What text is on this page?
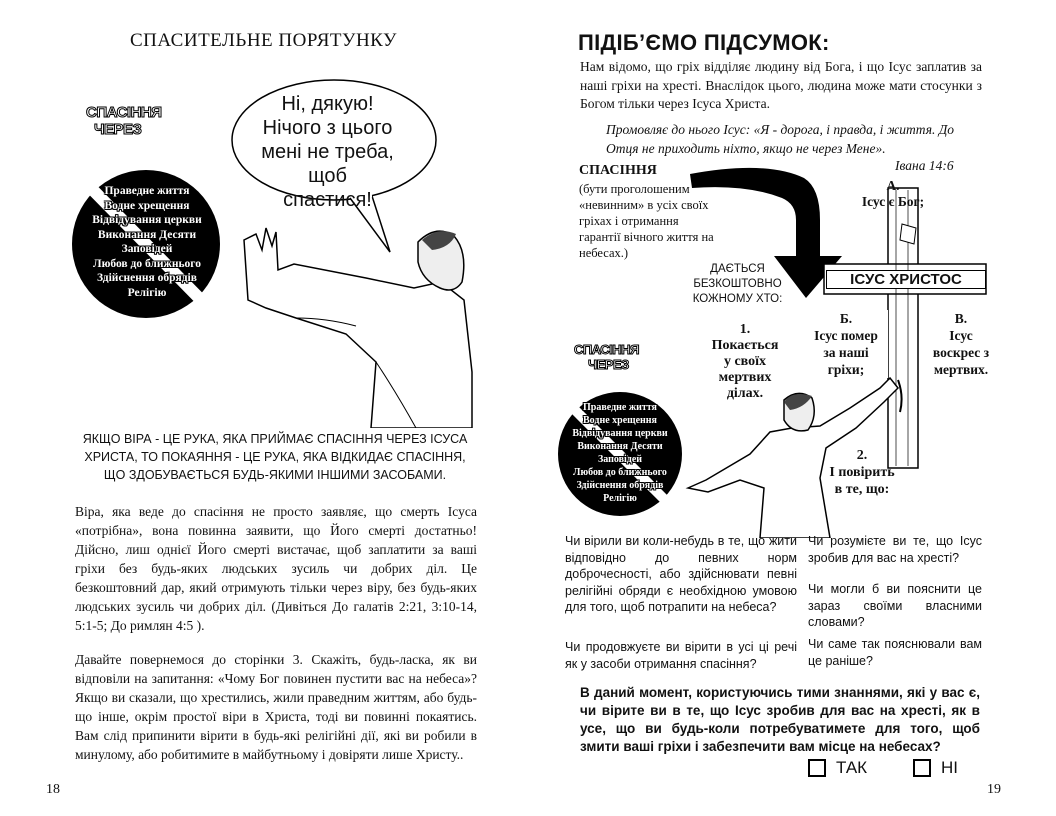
СПАСИТЕЛЬНЕ ПОРЯТУНКУ
Ні, дякую!
Нічого з цього
мені не треба, щоб
спастися!
СПАСІННЯ
ЧЕРЕЗ
Праведне життя
Водне хрещення
Відвідування церкви
Виконання Десяти
Заповідей
Любов до ближнього
Здійснення обрядів
Релігію
ЯКЩО ВІРА - ЦЕ РУКА, ЯКА ПРИЙМАЄ СПАСІННЯ ЧЕРЕЗ ІСУСА ХРИСТА, ТО ПОКАЯННЯ - ЦЕ РУКА, ЯКА ВІДКИДАЄ СПАСІННЯ, ЩО ЗДОБУВАЄТЬСЯ БУДЬ-ЯКИМИ ІНШИМИ ЗАСОБАМИ.
Віра, яка веде до спасіння не просто заявляє, що смерть Ісуса «потрібна», вона повинна заявити, що Його смерті достатньо! Дійсно, лиш однієї Його смерті вистачає, щоб заплатити за ваші гріхи без будь-яких людських зусиль чи добрих діл. Це безкоштовний дар, який отримують тільки через віру, без будь-яких людських зусиль чи добрих діл. (Дивіться До галатів 2:21, 3:10-14, 5:1-5; До римлян 4:5 ).
Давайте повернемося до сторінки 3. Скажіть, будь-ласка, як ви відповіли на запитання: «Чому Бог повинен пустити вас на небеса»? Якщо ви сказали, що хрестились, жили праведним життям, або будь-що інше, окрім простої віри в Христа, тоді ви повинні покаятись. Вам слід припинити вірити в будь-які релігійні дії, які ви робили в минулому, або робитимите в майбутньому і довіряти лише Христу..
18
ПІДІБ’ЄМО ПІДСУМОК:
Нам відомо, що гріх відділяє людину від Бога, і що Ісус заплатив за наші гріхи на хресті. Внаслідок цього, людина може мати стосунки з Богом тільки через Ісуса Христа.
Промовляє до нього Ісус: «Я - дорога, і правда, і життя. До Отця не приходить ніхто, якщо не через Мене».
Івана 14:6
СПАСІННЯ
(бути проголошеним «невинним» в усіх своїх гріхах і отримання гарантії вічного життя на небесах.)
ДАЄТЬСЯ
БЕЗКОШТОВНО
КОЖНОМУ ХТО:
1.
Покається
у своїх
мертвих
ділах.
ІСУС ХРИСТОС
А.
Ісус є Бог;
Б.
Ісус помер
за наші
гріхи;
В.
Ісус
воскрес з
мертвих.
2.
І повірить
в те, що:
СПАСІННЯ
ЧЕРЕЗ
Праведне життя
Водне хрещення
Відвідування церкви
Виконання Десяти
Заповідей
Любов до ближнього
Здійснення обрядів
Релігію
Чи вірили ви коли-небудь в те, що жити відповідно до певних норм доброчесності, або здійснювати певні релігійні обряди є необхідною умовою для того, щоб потрапити на небеса?
Чи продовжуєте ви вірити в усі ці речі як у засоби отримання спасіння?
Чи розумієте ви те, що Ісус зробив для вас на хресті?
Чи могли б ви пояснити це зараз своїми власними словами?
Чи саме так пояснювали вам це раніше?
В даний момент, користуючись тими знаннями, які у вас є, чи вірите ви в те, що Ісус зробив для вас на хресті, як в усе, що ви будь-коли потребуватимете для того, щоб змити ваші гріхи і забезпечити вам місце на небесах?
ТАК	НІ
19
